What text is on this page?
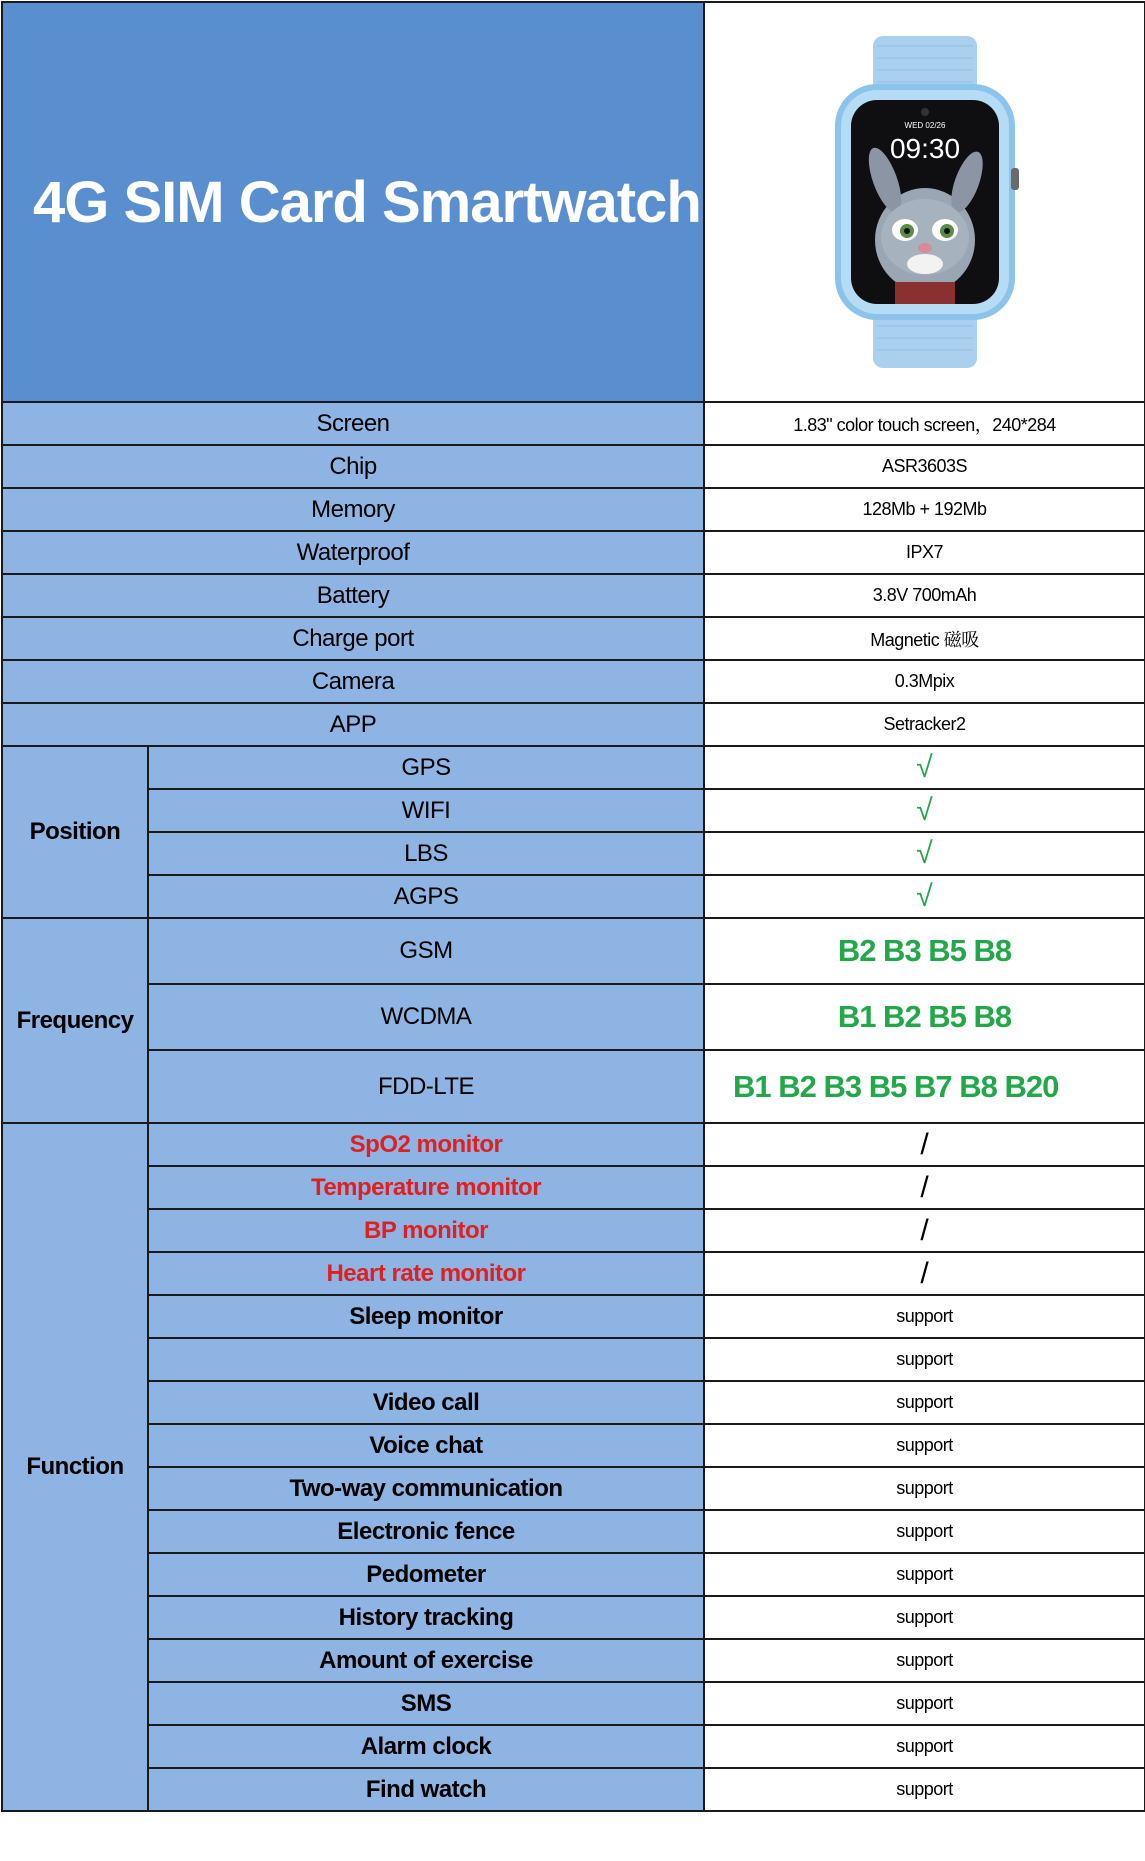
4G SIM Card Smartwatch		WED 02/26
09:30

Screen		1.83" color touch screen，240*284
Chip		ASR3603S
Memory		128Mb + 192Mb
Waterproof		IPX7
Battery		3.8V 700mAh
Charge port		Magnetic 磁吸
Camera		0.3Mpix
APP		Setracker2
Position	GPS	√
	WIFI	√
	LBS	√
	AGPS	√
Frequency	GSM	B2 B3 B5 B8
	WCDMA	B1 B2 B5 B8
	FDD-LTE	B1 B2 B3 B5 B7 B8 B20
Function	SpO2 monitor	/
	Temperature monitor	/
	BP monitor	/
	Heart rate monitor	/
	Sleep monitor	support
		support
	Video call	support
	Voice chat	support
	Two-way communication	support
	Electronic fence	support
	Pedometer	support
	History tracking	support
	Amount of exercise	support
	SMS	support
	Alarm clock	support
	Find watch	support
